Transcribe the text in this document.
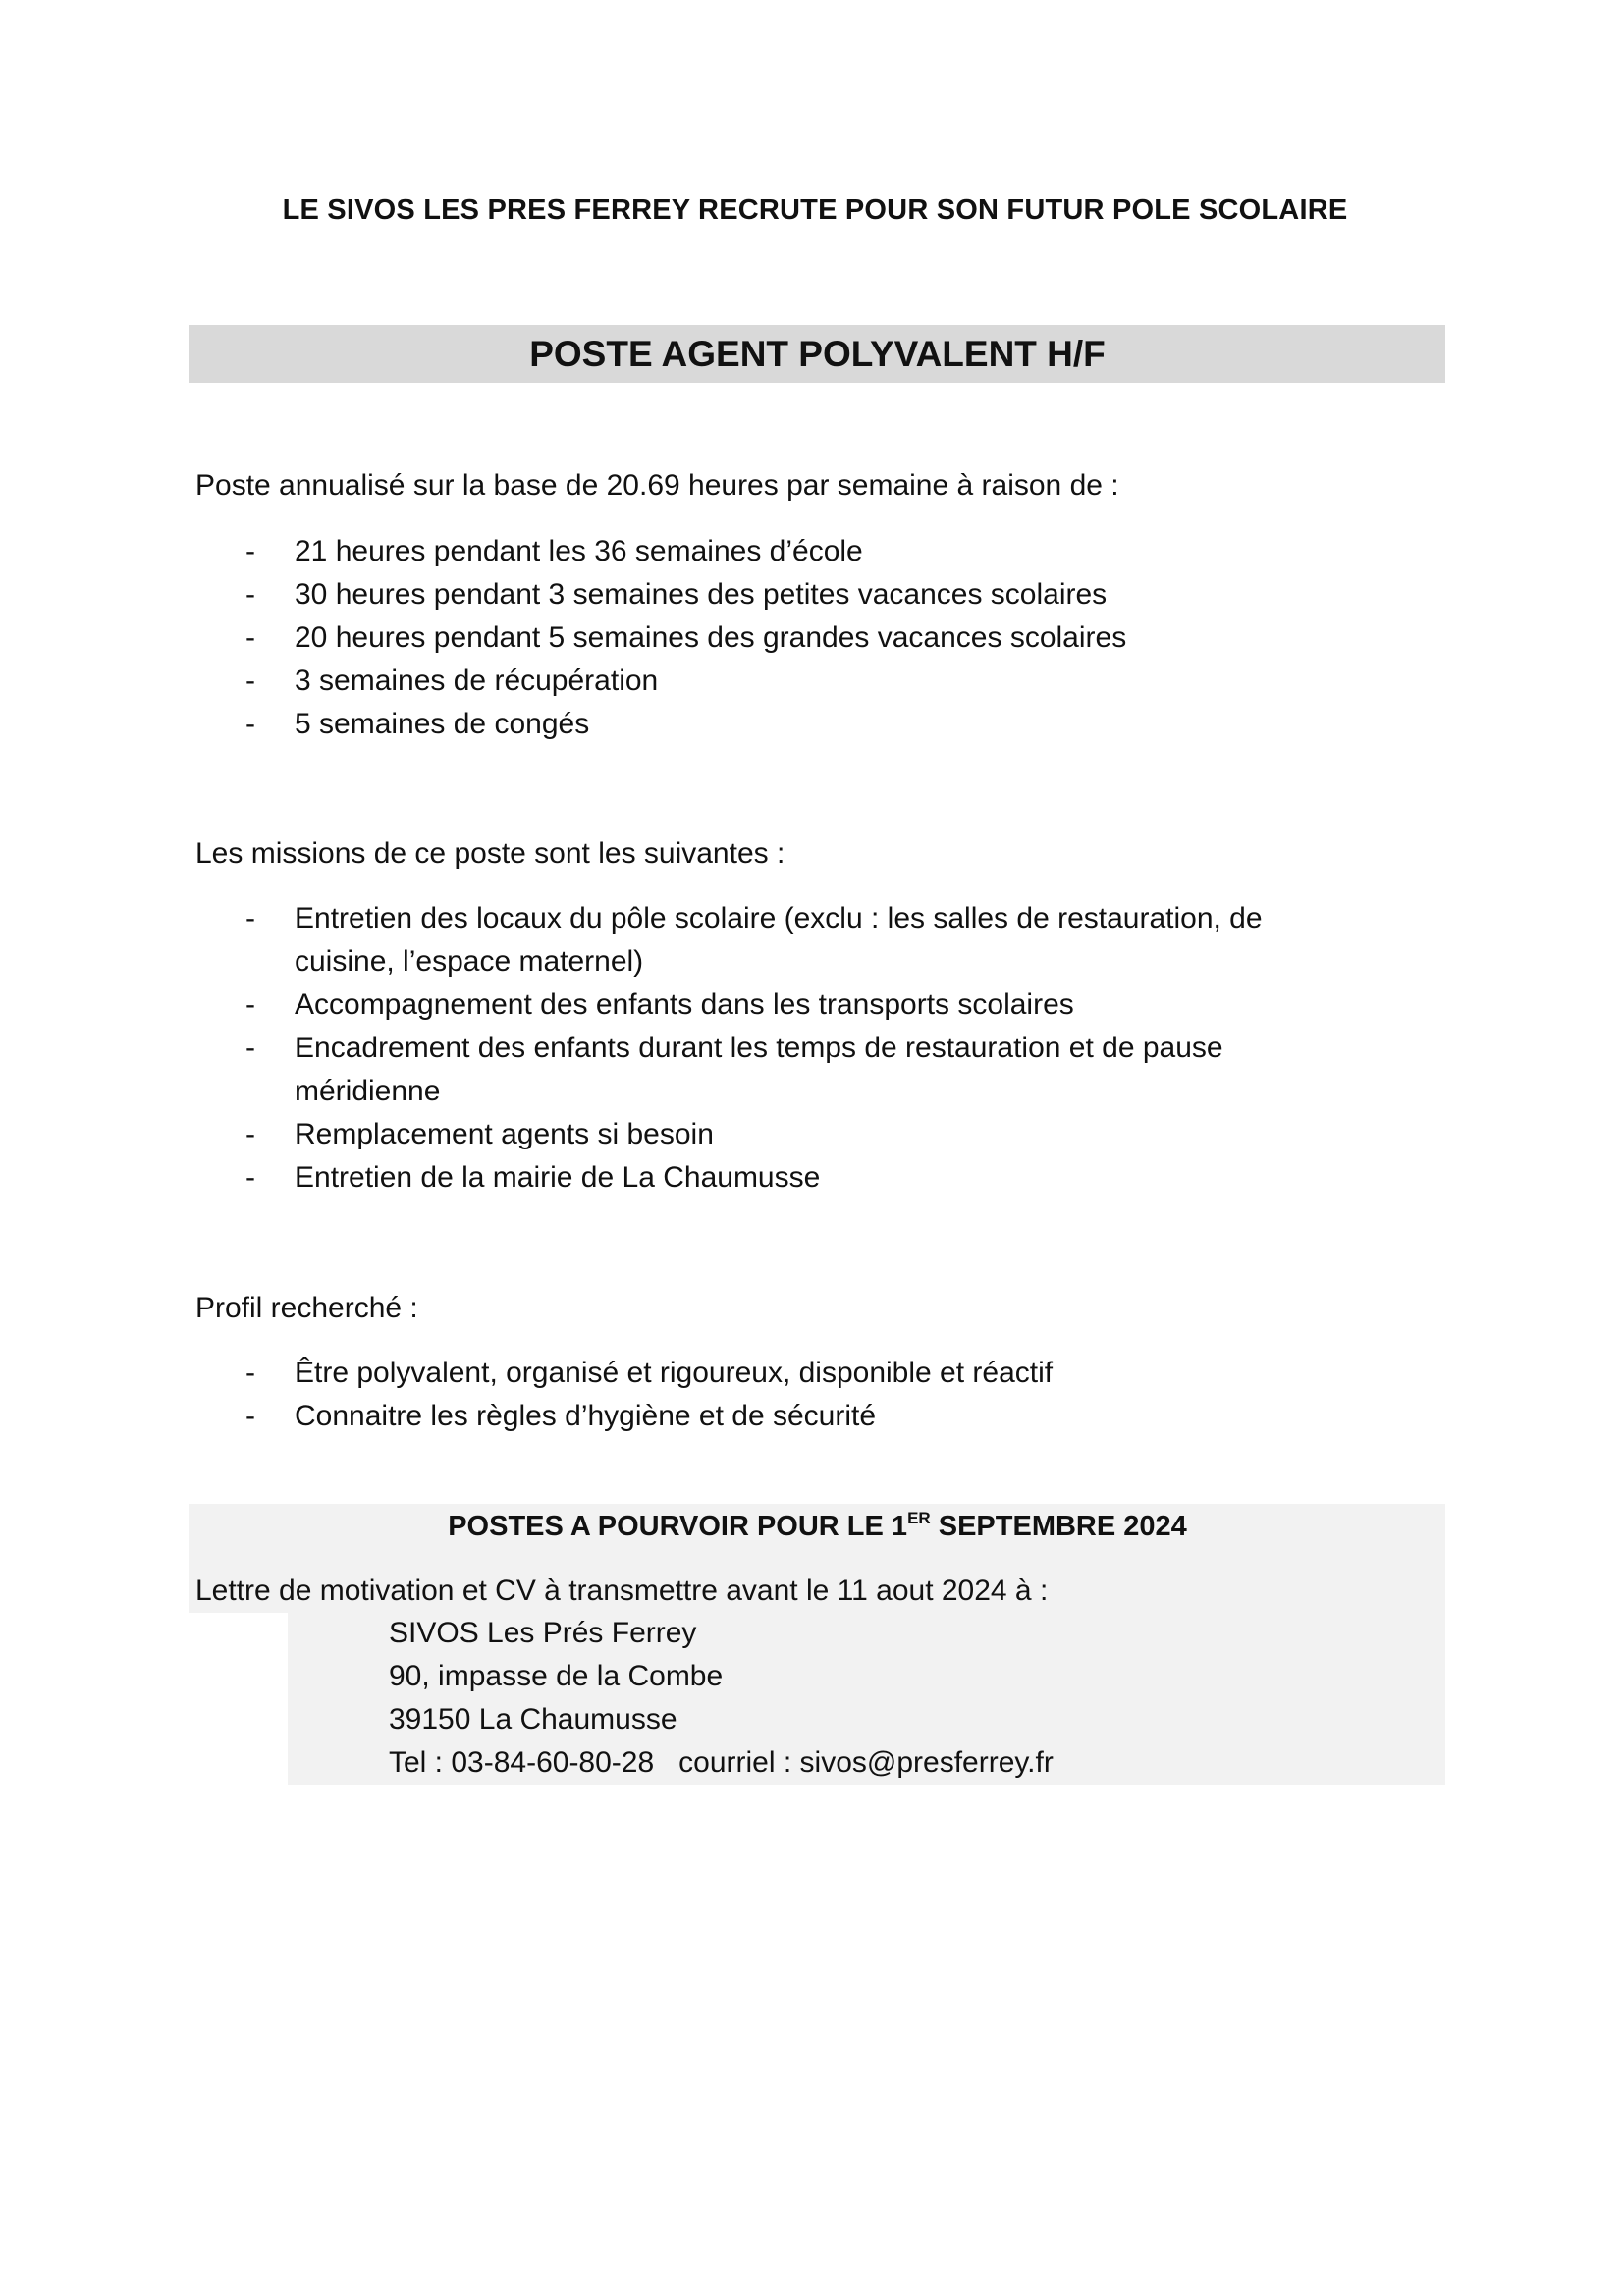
LE SIVOS LES PRES FERREY RECRUTE POUR SON FUTUR POLE SCOLAIRE
POSTE AGENT POLYVALENT H/F

Poste annualisé sur la base de 20.69 heures par semaine à raison de :

- 21 heures pendant les 36 semaines d’école
- 30 heures pendant 3 semaines des petites vacances scolaires
- 20 heures pendant 5 semaines des grandes vacances scolaires
- 3 semaines de récupération
- 5 semaines de congés

Les missions de ce poste sont les suivantes :

- Entretien des locaux du pôle scolaire (exclu : les salles de restauration, de cuisine, l’espace maternel)
- Accompagnement des enfants dans les transports scolaires
- Encadrement des enfants durant les temps de restauration et de pause méridienne
- Remplacement agents si besoin
- Entretien de la mairie de La Chaumusse

Profil recherché :

- Être polyvalent, organisé et rigoureux, disponible et réactif
- Connaitre les règles d’hygiène et de sécurité
POSTES A POURVOIR POUR LE 1ER SEPTEMBRE 2024

Lettre de motivation et CV à transmettre avant le 11 aout 2024 à :

SIVOS Les Prés Ferrey
90, impasse de la Combe
39150 La Chaumusse
Tel : 03-84-60-80-28   courriel : sivos@presferrey.fr
